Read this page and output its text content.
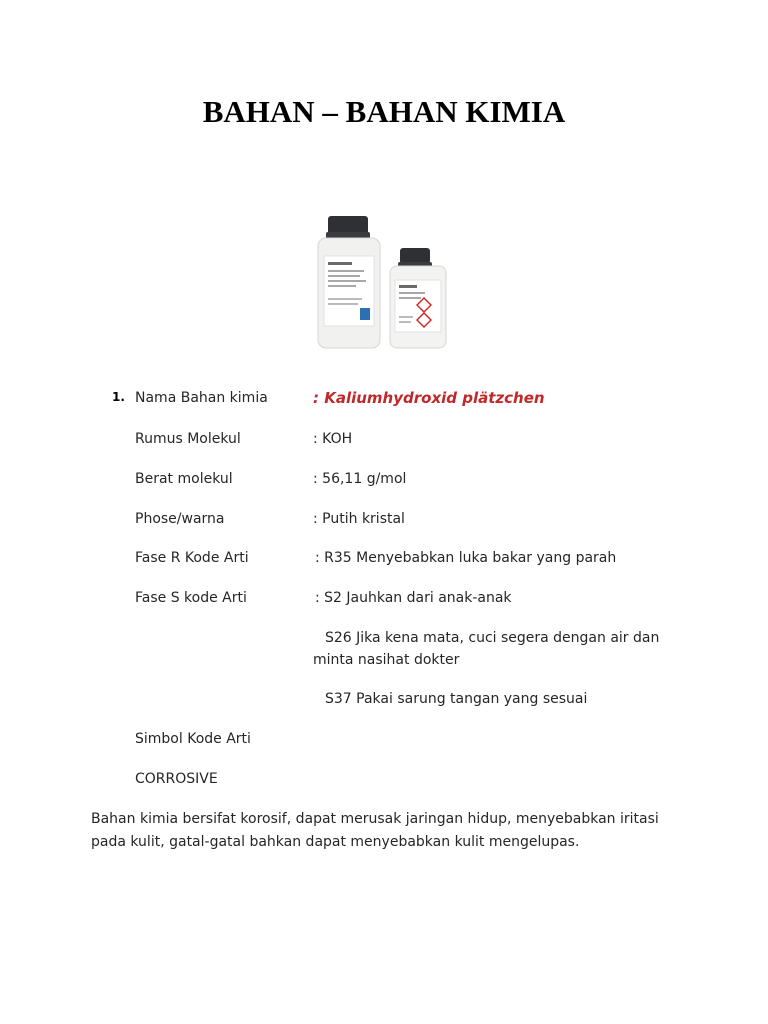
BAHAN – BAHAN KIMIA
1. Nama Bahan kimia	: Kaliumhydroxid plätzchen
Rumus Molekul	: KOH
Berat molekul	: 56,11 g/mol
Phose/warna	: Putih kristal
Fase R Kode Arti	: R35 Menyebabkan luka bakar yang parah
Fase S kode Arti	: S2 Jauhkan dari anak-anak
S26 Jika kena mata, cuci segera dengan air dan minta nasihat dokter
S37 Pakai sarung tangan yang sesuai
Simbol Kode Arti
CORROSIVE
Bahan kimia bersifat korosif, dapat merusak jaringan hidup, menyebabkan iritasi pada kulit, gatal-gatal bahkan dapat menyebabkan kulit mengelupas.
